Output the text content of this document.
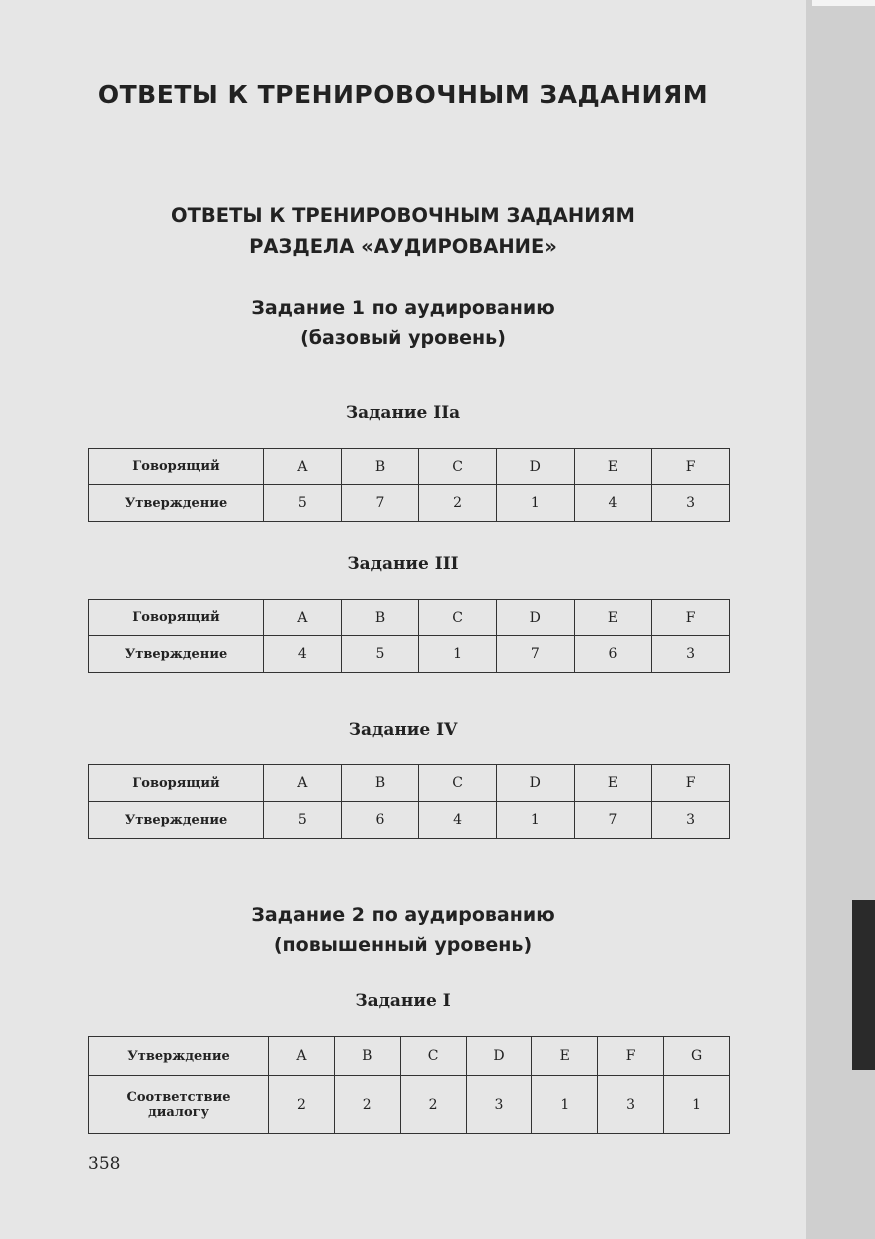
ОТВЕТЫ К ТРЕНИРОВОЧНЫМ ЗАДАНИЯМ
ОТВЕТЫ К ТРЕНИРОВОЧНЫМ ЗАДАНИЯМ
РАЗДЕЛА «АУДИРОВАНИЕ»
Задание 1 по аудированию
(базовый уровень)
Задание IIa
Говорящий	A	B	C	D	E	F
Утверждение	5	7	2	1	4	3
Задание III
Говорящий	A	B	C	D	E	F
Утверждение	4	5	1	7	6	3
Задание IV
Говорящий	A	B	C	D	E	F
Утверждение	5	6	4	1	7	3
Задание 2 по аудированию
(повышенный уровень)
Задание I
Утверждение	A	B	C	D	E	F	G

Соответствие
диалогу	2	2	2	3	1	3	1
358
